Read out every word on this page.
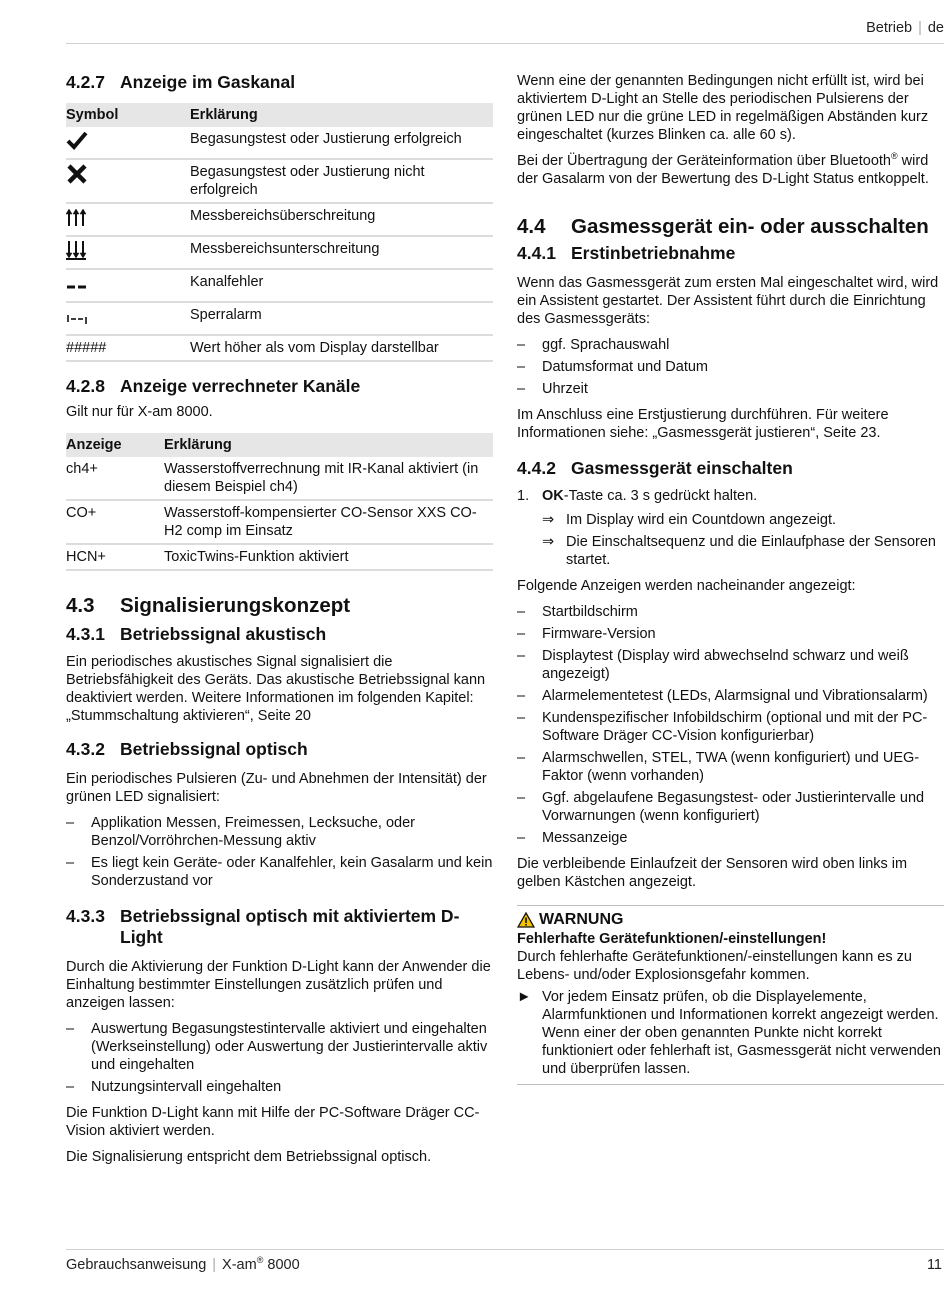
Betrieb | de
4.2.7 Anzeige im Gaskanal
Symbol	Erklärung
	Begasungstest oder Justierung erfolgreich
	Begasungstest oder Justierung nicht erfolgreich
	Messbereichsüberschreitung
	Messbereichsunterschreitung
	Kanalfehler
	Sperralarm
#####	Wert höher als vom Display darstellbar
4.2.8 Anzeige verrechneter Kanäle

Gilt nur für X-am 8000.

Anzeige	Erklärung
ch4+	Wasserstoffverrechnung mit IR-Kanal aktiviert (in diesem Beispiel ch4)
CO+	Wasserstoff-kompensierter CO-Sensor XXS CO-H2 comp im Einsatz
HCN+	ToxicTwins-Funktion aktiviert
4.3	Signalisierungskonzept
4.3.1 Betriebssignal akustisch

Ein periodisches akustisches Signal signalisiert die Betriebsfähigkeit des Geräts. Das akustische Betriebssignal kann deaktiviert werden. Weitere Informationen im folgenden Kapitel: „Stummschaltung aktivieren“, Seite 20

4.3.2 Betriebssignal optisch

Ein periodisches Pulsieren (Zu- und Abnehmen der Intensität) der grünen LED signalisiert:

– Applikation Messen, Freimessen, Lecksuche, oder Benzol/Vorröhrchen-Messung aktiv
– Es liegt kein Geräte- oder Kanalfehler, kein Gasalarm und kein Sonderzustand vor
4.3.3 Betriebssignal optisch mit aktiviertem D-Light

Durch die Aktivierung der Funktion D-Light kann der Anwender die Einhaltung bestimmter Einstellungen zusätzlich prüfen und anzeigen lassen:

– Auswertung Begasungstestintervalle aktiviert und eingehalten (Werkseinstellung) oder Auswertung der Justierintervalle aktiv und eingehalten
– Nutzungsintervall eingehalten

Die Funktion D-Light kann mit Hilfe der PC-Software Dräger CC-Vision aktiviert werden.

Die Signalisierung entspricht dem Betriebssignal optisch.

Wenn eine der genannten Bedingungen nicht erfüllt ist, wird bei aktiviertem D-Light an Stelle des periodischen Pulsierens der grünen LED nur die grüne LED in regelmäßigen Abständen kurz eingeschaltet (kurzes Blinken ca. alle 60 s).

Bei der Übertragung der Geräteinformation über Bluetooth® wird der Gasalarm von der Bewertung des D-Light Status entkoppelt.

4.4	Gasmessgerät ein- oder ausschalten
4.4.1 Erstinbetriebnahme

Wenn das Gasmessgerät zum ersten Mal eingeschaltet wird, wird ein Assistent gestartet. Der Assistent führt durch die Einrichtung des Gasmessgeräts:

– ggf. Sprachauswahl
– Datumsformat und Datum
– Uhrzeit

Im Anschluss eine Erstjustierung durchführen. Für weitere Informationen siehe: „Gasmessgerät justieren“, Seite 23.

4.4.2 Gasmessgerät einschalten
1. OK-Taste ca. 3 s gedrückt halten.
⇒ Im Display wird ein Countdown angezeigt.
⇒ Die Einschaltsequenz und die Einlaufphase der Sensoren startet.

Folgende Anzeigen werden nacheinander angezeigt:

– Startbildschirm
– Firmware-Version
– Displaytest (Display wird abwechselnd schwarz und weiß angezeigt)
– Alarmelementetest (LEDs, Alarmsignal und Vibrationsalarm)
– Kundenspezifischer Infobildschirm (optional und mit der PC-Software Dräger CC-Vision konfigurierbar)
– Alarmschwellen, STEL, TWA (wenn konfiguriert) und UEG-Faktor (wenn vorhanden)
– Ggf. abgelaufene Begasungstest- oder Justierintervalle und Vorwarnungen (wenn konfiguriert)
– Messanzeige

Die verbleibende Einlaufzeit der Sensoren wird oben links im gelben Kästchen angezeigt.

WARNUNG
Fehlerhafte Gerätefunktionen/-einstellungen!
Durch fehlerhafte Gerätefunktionen/-einstellungen kann es zu Lebens- und/oder Explosionsgefahr kommen.
► Vor jedem Einsatz prüfen, ob die Displayelemente, Alarmfunktionen und Informationen korrekt angezeigt werden. Wenn einer der oben genannten Punkte nicht korrekt funktioniert oder fehlerhaft ist, Gasmessgerät nicht verwenden und überprüfen lassen.
Gebrauchsanweisung | X-am® 8000	11
